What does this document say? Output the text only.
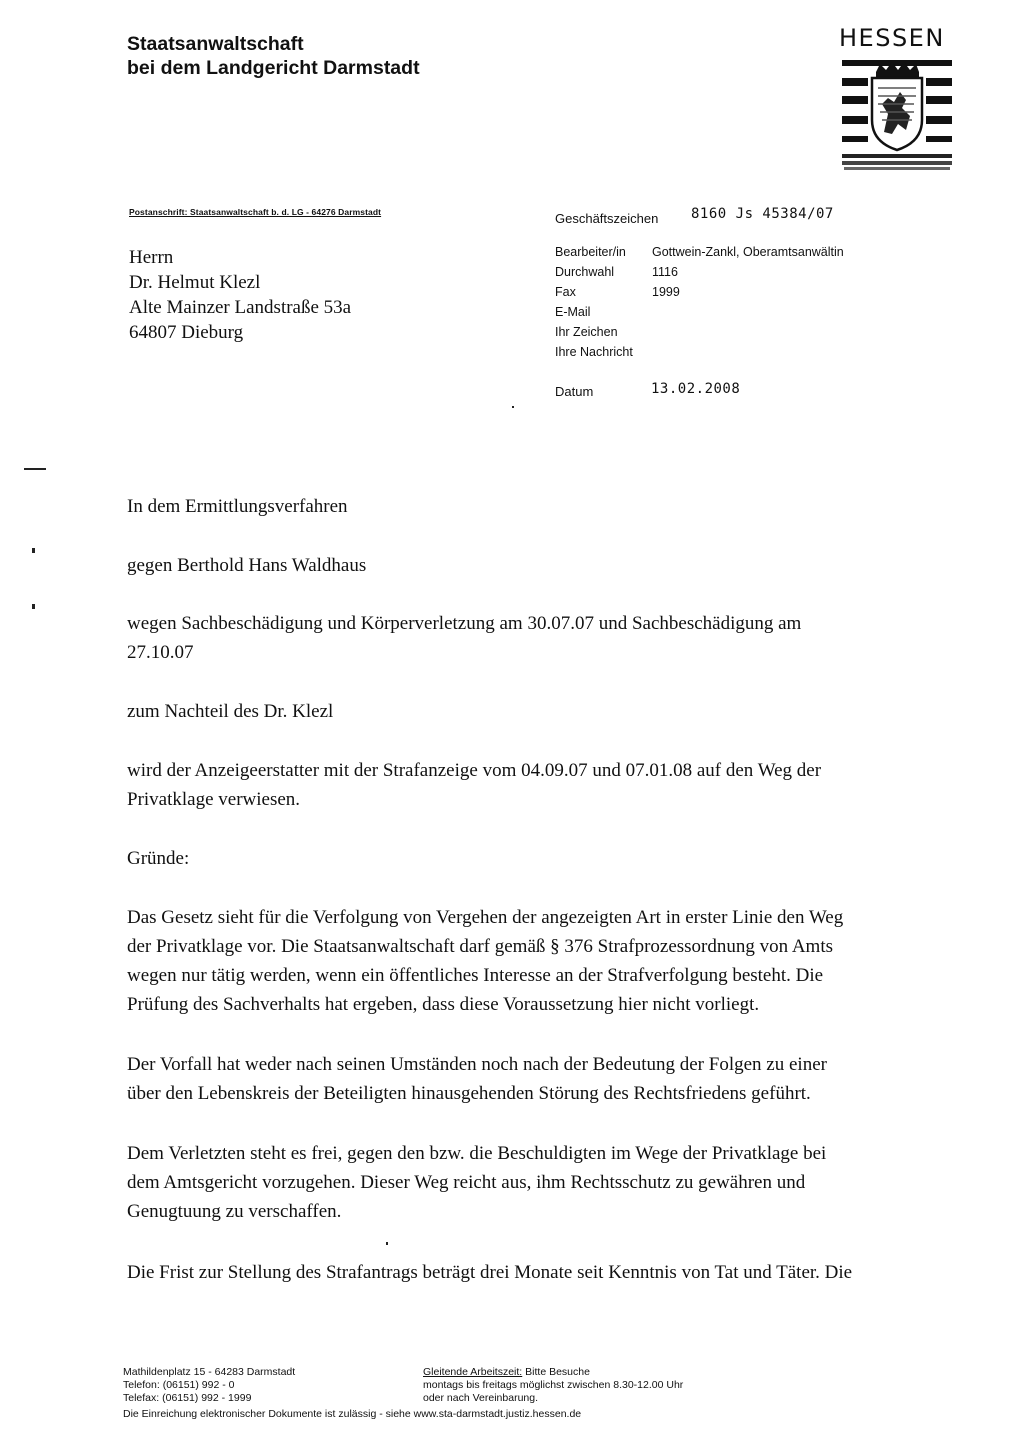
Staatsanwaltschaft
bei dem Landgericht Darmstadt
HESSEN
Postanschrift: Staatsanwaltschaft b. d. LG - 64276 Darmstadt
Herrn
Dr. Helmut Klezl
Alte Mainzer Landstraße 53a
64807 Dieburg
Geschäftszeichen 8160 Js 45384/07
Bearbeiter/in	Gottwein-Zankl, Oberamtsanwältin
Durchwahl	1116
Fax	1999
E-Mail	
Ihr Zeichen	
Ihre Nachricht	
Datum	13.02.2008
In dem Ermittlungsverfahren
gegen Berthold Hans Waldhaus
wegen Sachbeschädigung und Körperverletzung am 30.07.07 und Sachbeschädigung am
27.10.07
zum Nachteil des Dr. Klezl
wird der Anzeigeerstatter mit der Strafanzeige vom 04.09.07 und 07.01.08 auf den Weg der
Privatklage verwiesen.
Gründe:
Das Gesetz sieht für die Verfolgung von Vergehen der angezeigten Art in erster Linie den Weg
der Privatklage vor. Die Staatsanwaltschaft darf gemäß § 376 Strafprozessordnung von Amts
wegen nur tätig werden, wenn ein öffentliches Interesse an der Strafverfolgung besteht. Die
Prüfung des Sachverhalts hat ergeben, dass diese Voraussetzung hier nicht vorliegt.
Der Vorfall hat weder nach seinen Umständen noch nach der Bedeutung der Folgen zu einer
über den Lebenskreis der Beteiligten hinausgehenden Störung des Rechtsfriedens geführt.
Dem Verletzten steht es frei, gegen den bzw. die Beschuldigten im Wege der Privatklage bei
dem Amtsgericht vorzugehen. Dieser Weg reicht aus, ihm Rechtsschutz zu gewähren und
Genugtuung zu verschaffen.
Die Frist zur Stellung des Strafantrags beträgt drei Monate seit Kenntnis von Tat und Täter. Die
Mathildenplatz 15 - 64283 Darmstadt
Telefon: (06151) 992 - 0
Telefax: (06151) 992 - 1999
Gleitende Arbeitszeit: Bitte Besuche
montags bis freitags möglichst zwischen 8.30-12.00 Uhr
oder nach Vereinbarung.
Die Einreichung elektronischer Dokumente ist zulässig - siehe www.sta-darmstadt.justiz.hessen.de
